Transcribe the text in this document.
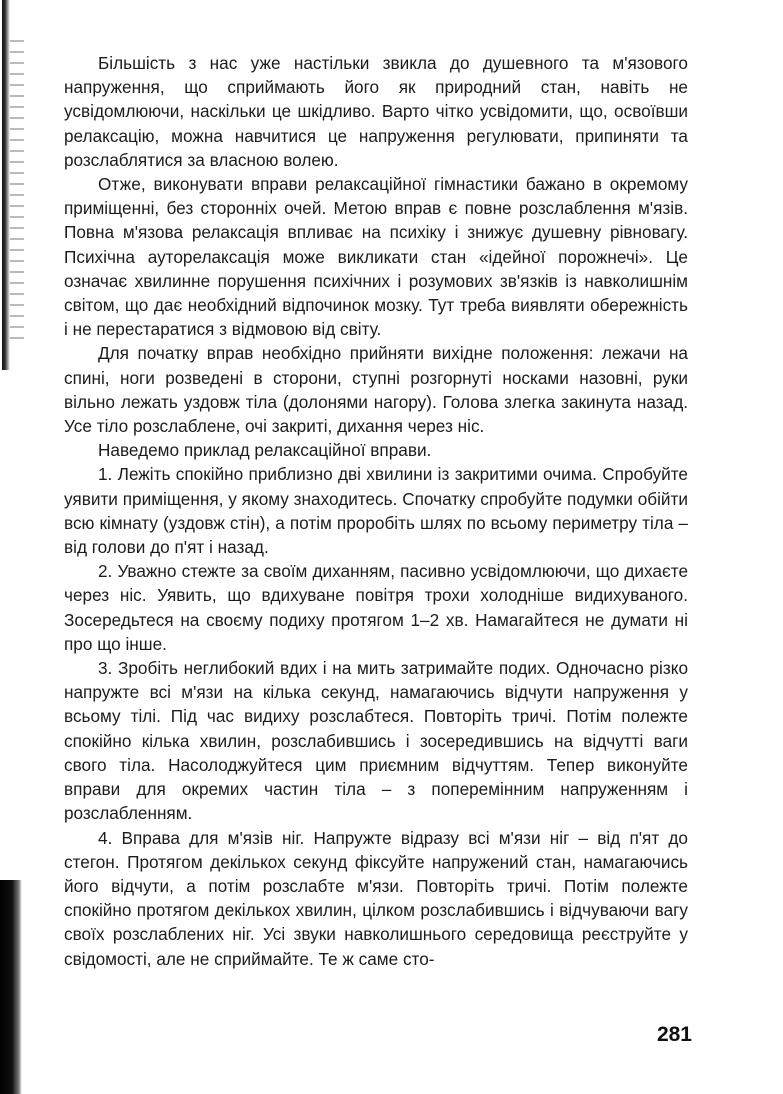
Більшість з нас уже настільки звикла до душевного та м'язового напруження, що сприймають його як природний стан, навіть не усвідомлюючи, наскільки це шкідливо. Варто чітко усвідомити, що, освоївши релаксацію, можна навчитися це напруження регулювати, припиняти та розслаблятися за власною волею.

Отже, виконувати вправи релаксаційної гімнастики бажано в окремому приміщенні, без сторонніх очей. Метою вправ є повне розслаблення м'язів. Повна м'язова релаксація впливає на психіку і знижує душевну рівновагу. Психічна ауторелаксація може викликати стан «ідейної порожнечі». Це означає хвилинне порушення психічних і розумових зв'язків із навколишнім світом, що дає необхідний відпочинок мозку. Тут треба виявляти обережність і не перестаратися з відмовою від світу.

Для початку вправ необхідно прийняти вихідне положення: лежачи на спині, ноги розведені в сторони, ступні розгорнуті носками назовні, руки вільно лежать уздовж тіла (долонями нагору). Голова злегка закинута назад. Усе тіло розслаблене, очі закриті, дихання через ніс.

Наведемо приклад релаксаційної вправи.

1. Лежіть спокійно приблизно дві хвилини із закритими очима. Спробуйте уявити приміщення, у якому знаходитесь. Спочатку спробуйте подумки обійти всю кімнату (уздовж стін), а потім проробіть шлях по всьому периметру тіла – від голови до п'ят і назад.

2. Уважно стежте за своїм диханням, пасивно усвідомлюючи, що дихаєте через ніс. Уявить, що вдихуване повітря трохи холодніше видихуваного. Зосередьтеся на своєму подиху протягом 1–2 хв. Намагайтеся не думати ні про що інше.

3. Зробіть неглибокий вдих і на мить затримайте подих. Одночасно різко напружте всі м'язи на кілька секунд, намагаючись відчути напруження у всьому тілі. Під час видиху розслабтеся. Повторіть тричі. Потім полежте спокійно кілька хвилин, розслабившись і зосередившись на відчутті ваги свого тіла. Насолоджуйтеся цим приємним відчуттям. Тепер виконуйте вправи для окремих частин тіла – з поперемінним напруженням і розслабленням.

4. Вправа для м'язів ніг. Напружте відразу всі м'язи ніг – від п'ят до стегон. Протягом декількох секунд фіксуйте напружений стан, намагаючись його відчути, а потім розслабте м'язи. Повторіть тричі. Потім полежте спокійно протягом декількох хвилин, цілком розслабившись і відчуваючи вагу своїх розслаблених ніг. Усі звуки навколишнього середовища реєструйте у свідомості, але не сприймайте. Те ж саме сто-

281
